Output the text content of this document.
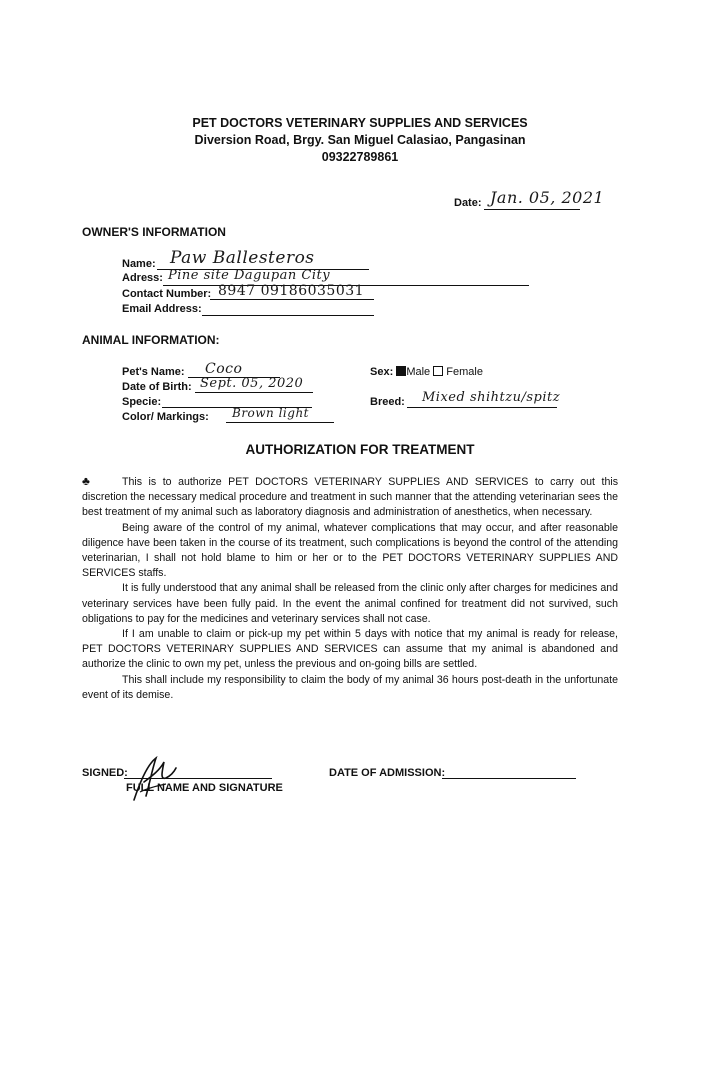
PET DOCTORS VETERINARY SUPPLIES AND SERVICES
Diversion Road, Brgy. San Miguel Calasiao, Pangasinan
09322789861
Date: Jan. 05, 2021
OWNER'S INFORMATION
Name: Paw Ballesteros
Adress: Pine site Dagupan City
Contact Number: 8947 09186035031
Email Address:
ANIMAL INFORMATION:
Pet's Name: Coco
Date of Birth: Sept. 05, 2020
Specie:
Color/ Markings: Brown light
Sex: Male Female
Breed: Mixed shihtzu/spitz
AUTHORIZATION FOR TREATMENT
♣	This is to authorize PET DOCTORS VETERINARY SUPPLIES AND SERVICES to carry out this discretion the necessary medical procedure and treatment in such manner that the attending veterinarian sees the best treatment of my animal such as laboratory diagnosis and administration of anesthetics, when necessary.

Being aware of the control of my animal, whatever complications that may occur, and after reasonable diligence have been taken in the course of its treatment, such complications is beyond the control of the attending veterinarian, I shall not hold blame to him or her or to the PET DOCTORS VETERINARY SUPPLIES AND SERVICES staffs.

It is fully understood that any animal shall be released from the clinic only after charges for medicines and veterinary services have been fully paid. In the event the animal confined for treatment did not survived, such obligations to pay for the medicines and veterinary services shall not case.

If I am unable to claim or pick-up my pet within 5 days with notice that my animal is ready for release, PET DOCTORS VETERINARY SUPPLIES AND SERVICES can assume that my animal is abandoned and authorize the clinic to own my pet, unless the previous and on-going bills are settled.

This shall include my responsibility to claim the body of my animal 36 hours post-death in the unfortunate event of its demise.

SIGNED:
FULL NAME AND SIGNATURE
DATE OF ADMISSION:
